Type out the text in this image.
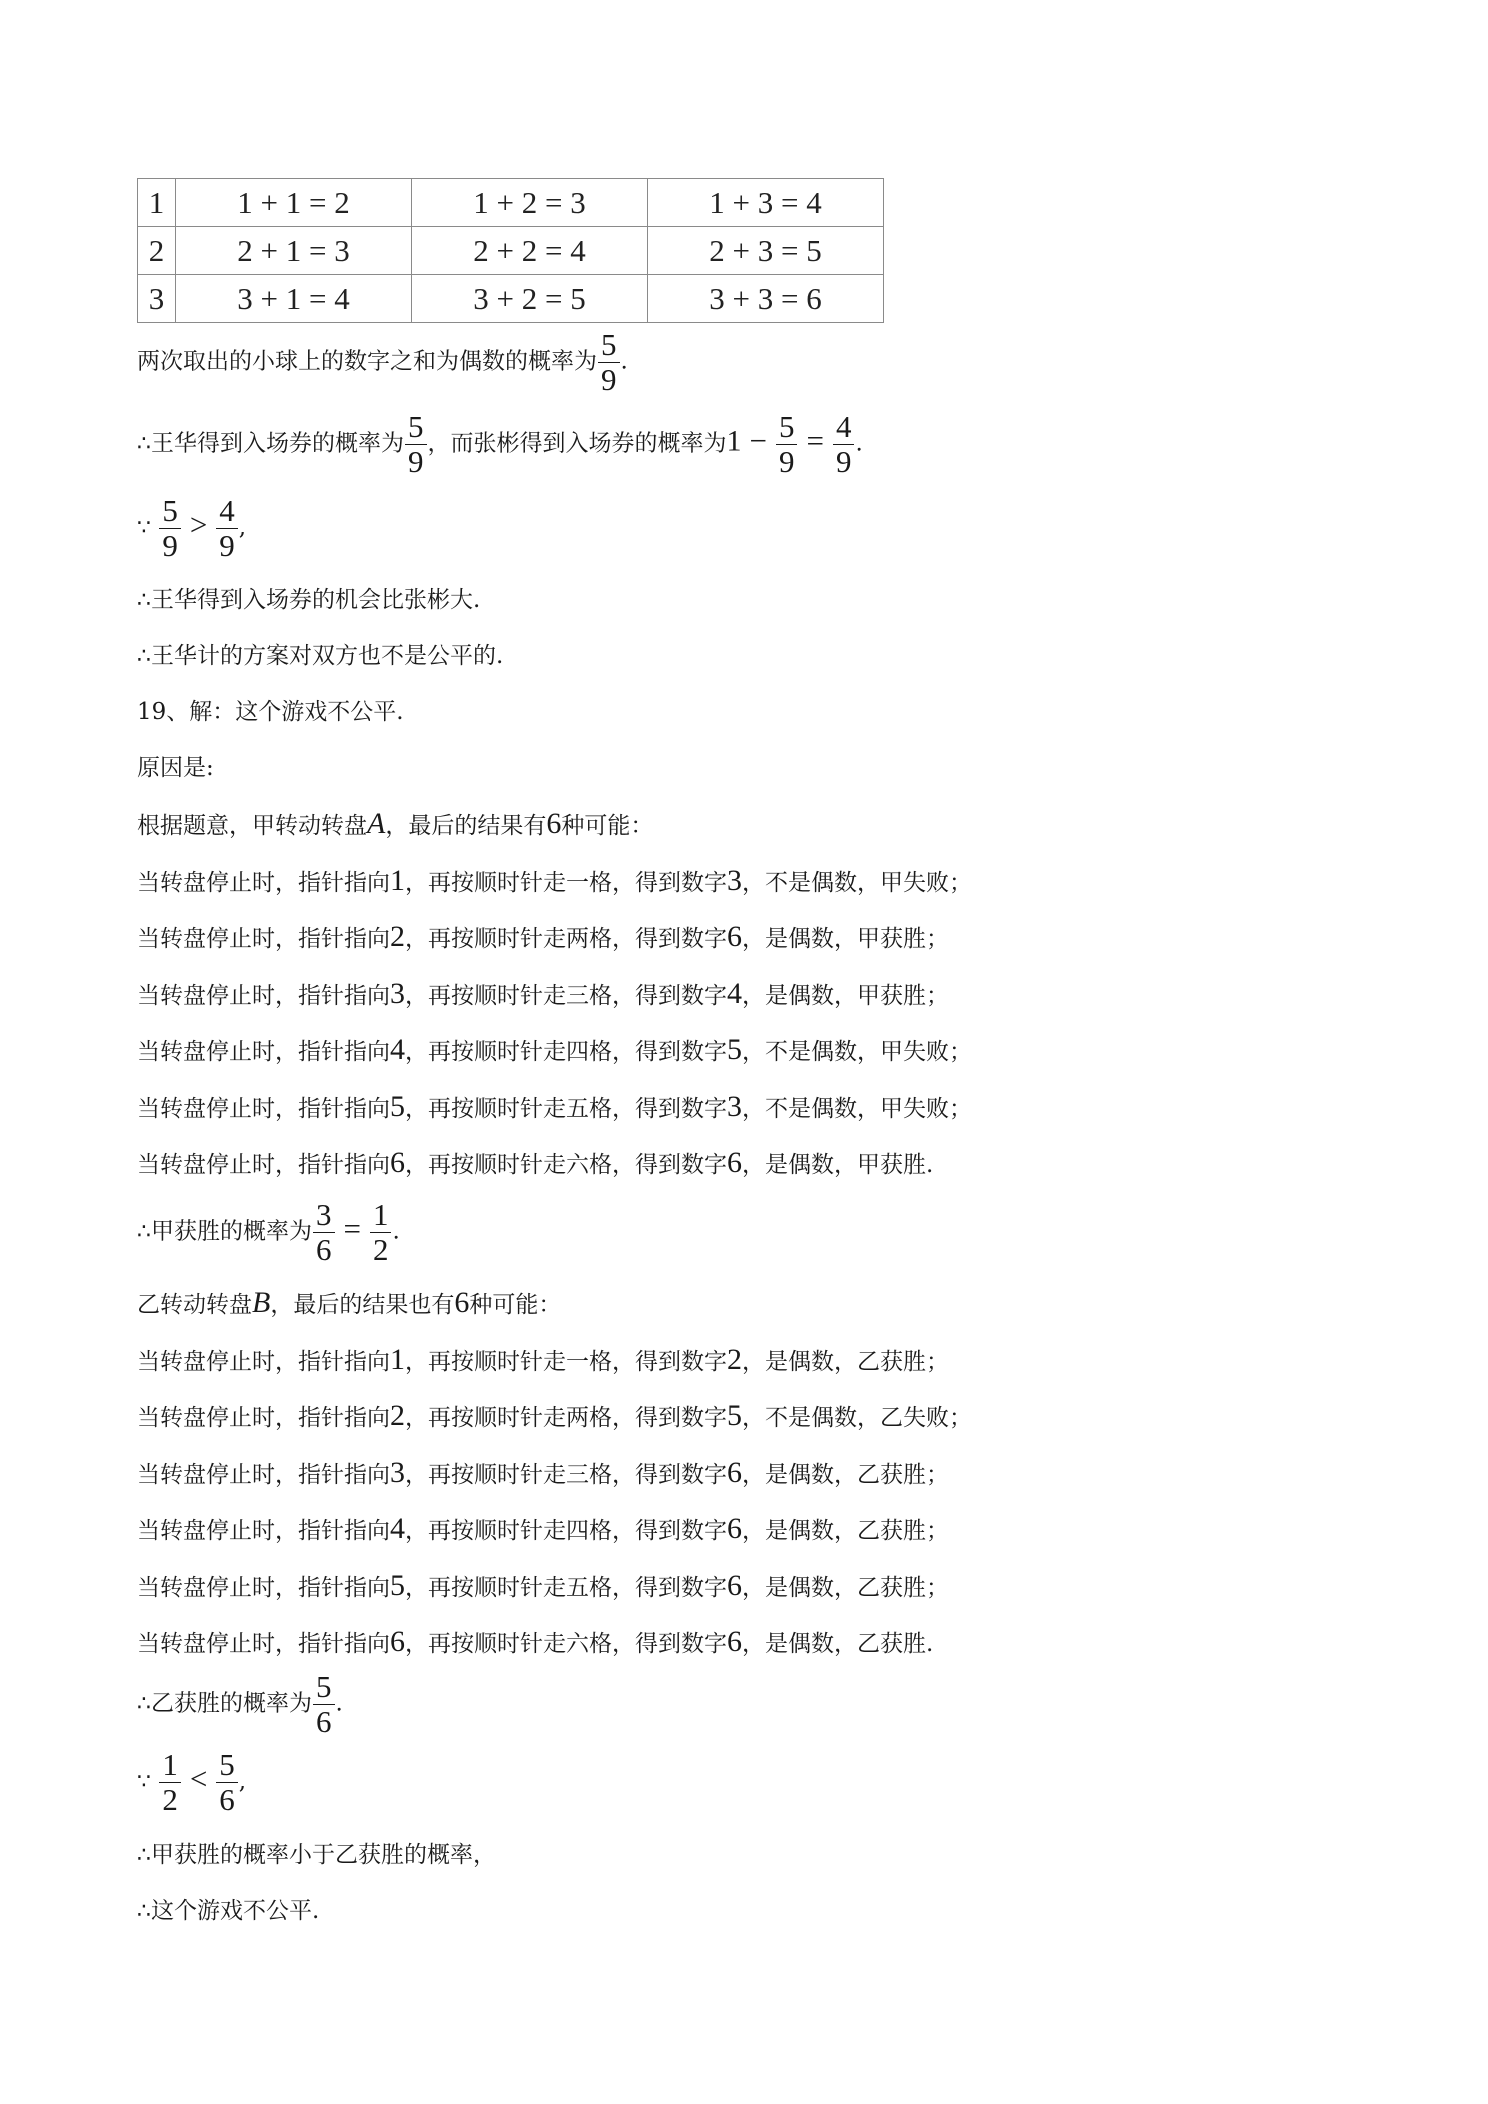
1	1 + 1 = 2	1 + 2 = 3	1 + 3 = 4
2	2 + 1 = 3	2 + 2 = 4	2 + 3 = 5
3	3 + 1 = 4	3 + 2 = 5	3 + 3 = 6
两次取出的小球上的数字之和为偶数的概率为 $\frac{5}{9}$ .
∴王华得到入场券的概率为 $\frac{5}{9}$ ，而张彬得到入场券的概率为$1 - \frac{5}{9} = \frac{4}{9}$ .
∵ $\frac{5}{9} > \frac{4}{9}$ ,
∴王华得到入场券的机会比张彬大.
∴王华计的方案对双方也不是公平的.
19、解：这个游戏不公平.
原因是:
根据题意，甲转动转盘A，最后的结果有6种可能：
当转盘停止时，指针指向1，再按顺时针走一格，得到数字3，不是偶数，甲失败；
当转盘停止时，指针指向2，再按顺时针走两格，得到数字6，是偶数，甲获胜；
当转盘停止时，指针指向3，再按顺时针走三格，得到数字4，是偶数，甲获胜；
当转盘停止时，指针指向4，再按顺时针走四格，得到数字5，不是偶数，甲失败；
当转盘停止时，指针指向5，再按顺时针走五格，得到数字3，不是偶数，甲失败；
当转盘停止时，指针指向6，再按顺时针走六格，得到数字6，是偶数，甲获胜.
∴甲获胜的概率为 $\frac{3}{6} = \frac{1}{2}$ .
乙转动转盘B，最后的结果也有6种可能：
当转盘停止时，指针指向1，再按顺时针走一格，得到数字2，是偶数，乙获胜；
当转盘停止时，指针指向2，再按顺时针走两格，得到数字5，不是偶数，乙失败；
当转盘停止时，指针指向3，再按顺时针走三格，得到数字6，是偶数，乙获胜；
当转盘停止时，指针指向4，再按顺时针走四格，得到数字6，是偶数，乙获胜；
当转盘停止时，指针指向5，再按顺时针走五格，得到数字6，是偶数，乙获胜；
当转盘停止时，指针指向6，再按顺时针走六格，得到数字6，是偶数，乙获胜.
∴乙获胜的概率为 $\frac{5}{6}$ .
∵ $\frac{1}{2} < \frac{5}{6}$ ,
∴甲获胜的概率小于乙获胜的概率，
∴这个游戏不公平.
